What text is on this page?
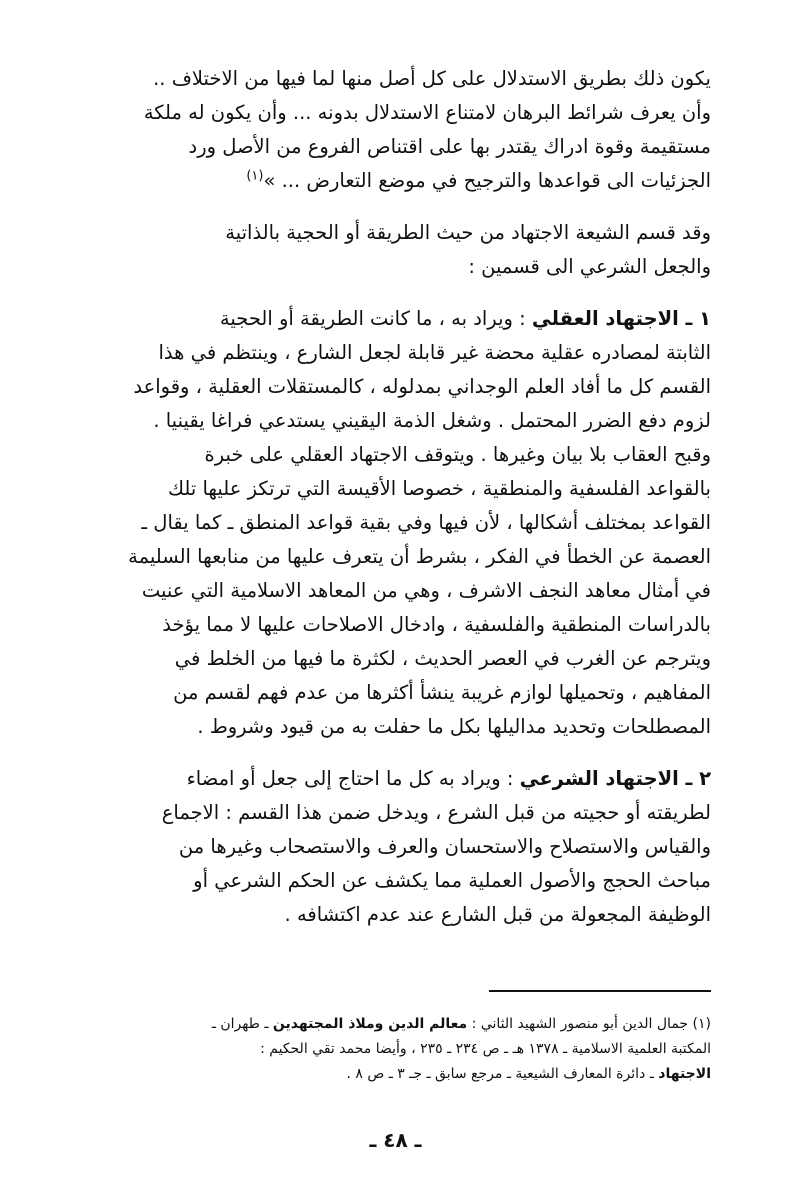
يكون ذلك بطريق الاستدلال على كل أصل منها لما فيها من الاختلاف ..
وأن يعرف شرائط البرهان لامتناع الاستدلال بدونه ... وأن يكون له ملكة
مستقيمة وقوة ادراك يقتدر بها على اقتناص الفروع من الأصل ورد
الجزئيات الى قواعدها والترجيح في موضع التعارض ... »$^{(١)}$

وقد قسم الشيعة الاجتهاد من حيث الطريقة أو الحجية بالذاتية
والجعل الشرعي الى قسمين :

١ ـ الاجتهاد العقلي : ويراد به ، ما كانت الطريقة أو الحجية
الثابتة لمصادره عقلية محضة غير قابلة لجعل الشارع ، وينتظم في هذا
القسم كل ما أفاد العلم الوجداني بمدلوله ، كالمستقلات العقلية ، وقواعد
لزوم دفع الضرر المحتمل . وشغل الذمة اليقيني يستدعي فراغا يقينيا .
وقبح العقاب بلا بيان وغيرها . ويتوقف الاجتهاد العقلي على خبرة
بالقواعد الفلسفية والمنطقية ، خصوصا الأقيسة التي ترتكز عليها تلك
القواعد بمختلف أشكالها ، لأن فيها وفي بقية قواعد المنطق ـ كما يقال ـ
العصمة عن الخطأ في الفكر ، بشرط أن يتعرف عليها من منابعها السليمة
في أمثال معاهد النجف الاشرف ، وهي من المعاهد الاسلامية التي عنيت
بالدراسات المنطقية والفلسفية ، وادخال الاصلاحات عليها لا مما يؤخذ
ويترجم عن الغرب في العصر الحديث ، لكثرة ما فيها من الخلط في
المفاهيم ، وتحميلها لوازم غريبة ينشأ أكثرها من عدم فهم لقسم من
المصطلحات وتحديد مداليلها بكل ما حفلت به من قيود وشروط .

٢ ـ الاجتهاد الشرعي : ويراد به كل ما احتاج إلى جعل أو امضاء
لطريقته أو حجيته من قبل الشرع ، ويدخل ضمن هذا القسم : الاجماع
والقياس والاستصلاح والاستحسان والعرف والاستصحاب وغيرها من
مباحث الحجج والأصول العملية مما يكشف عن الحكم الشرعي أو
الوظيفة المجعولة من قبل الشارع عند عدم اكتشافه .

(١) جمال الدين أبو منصور الشهيد الثاني : معالم الدين وملاذ المجتهدين ـ طهران ـ
المكتبة العلمية الاسلامية ـ ١٣٧٨ هـ ـ ص ٢٣٤ ـ ٢٣٥ ، وأيضا محمد تقي الحكيم :
الاجتهاد ـ دائرة المعارف الشيعية ـ مرجع سابق ـ جـ ٣ ـ ص ٨ .
ـ ٤٨ ـ
